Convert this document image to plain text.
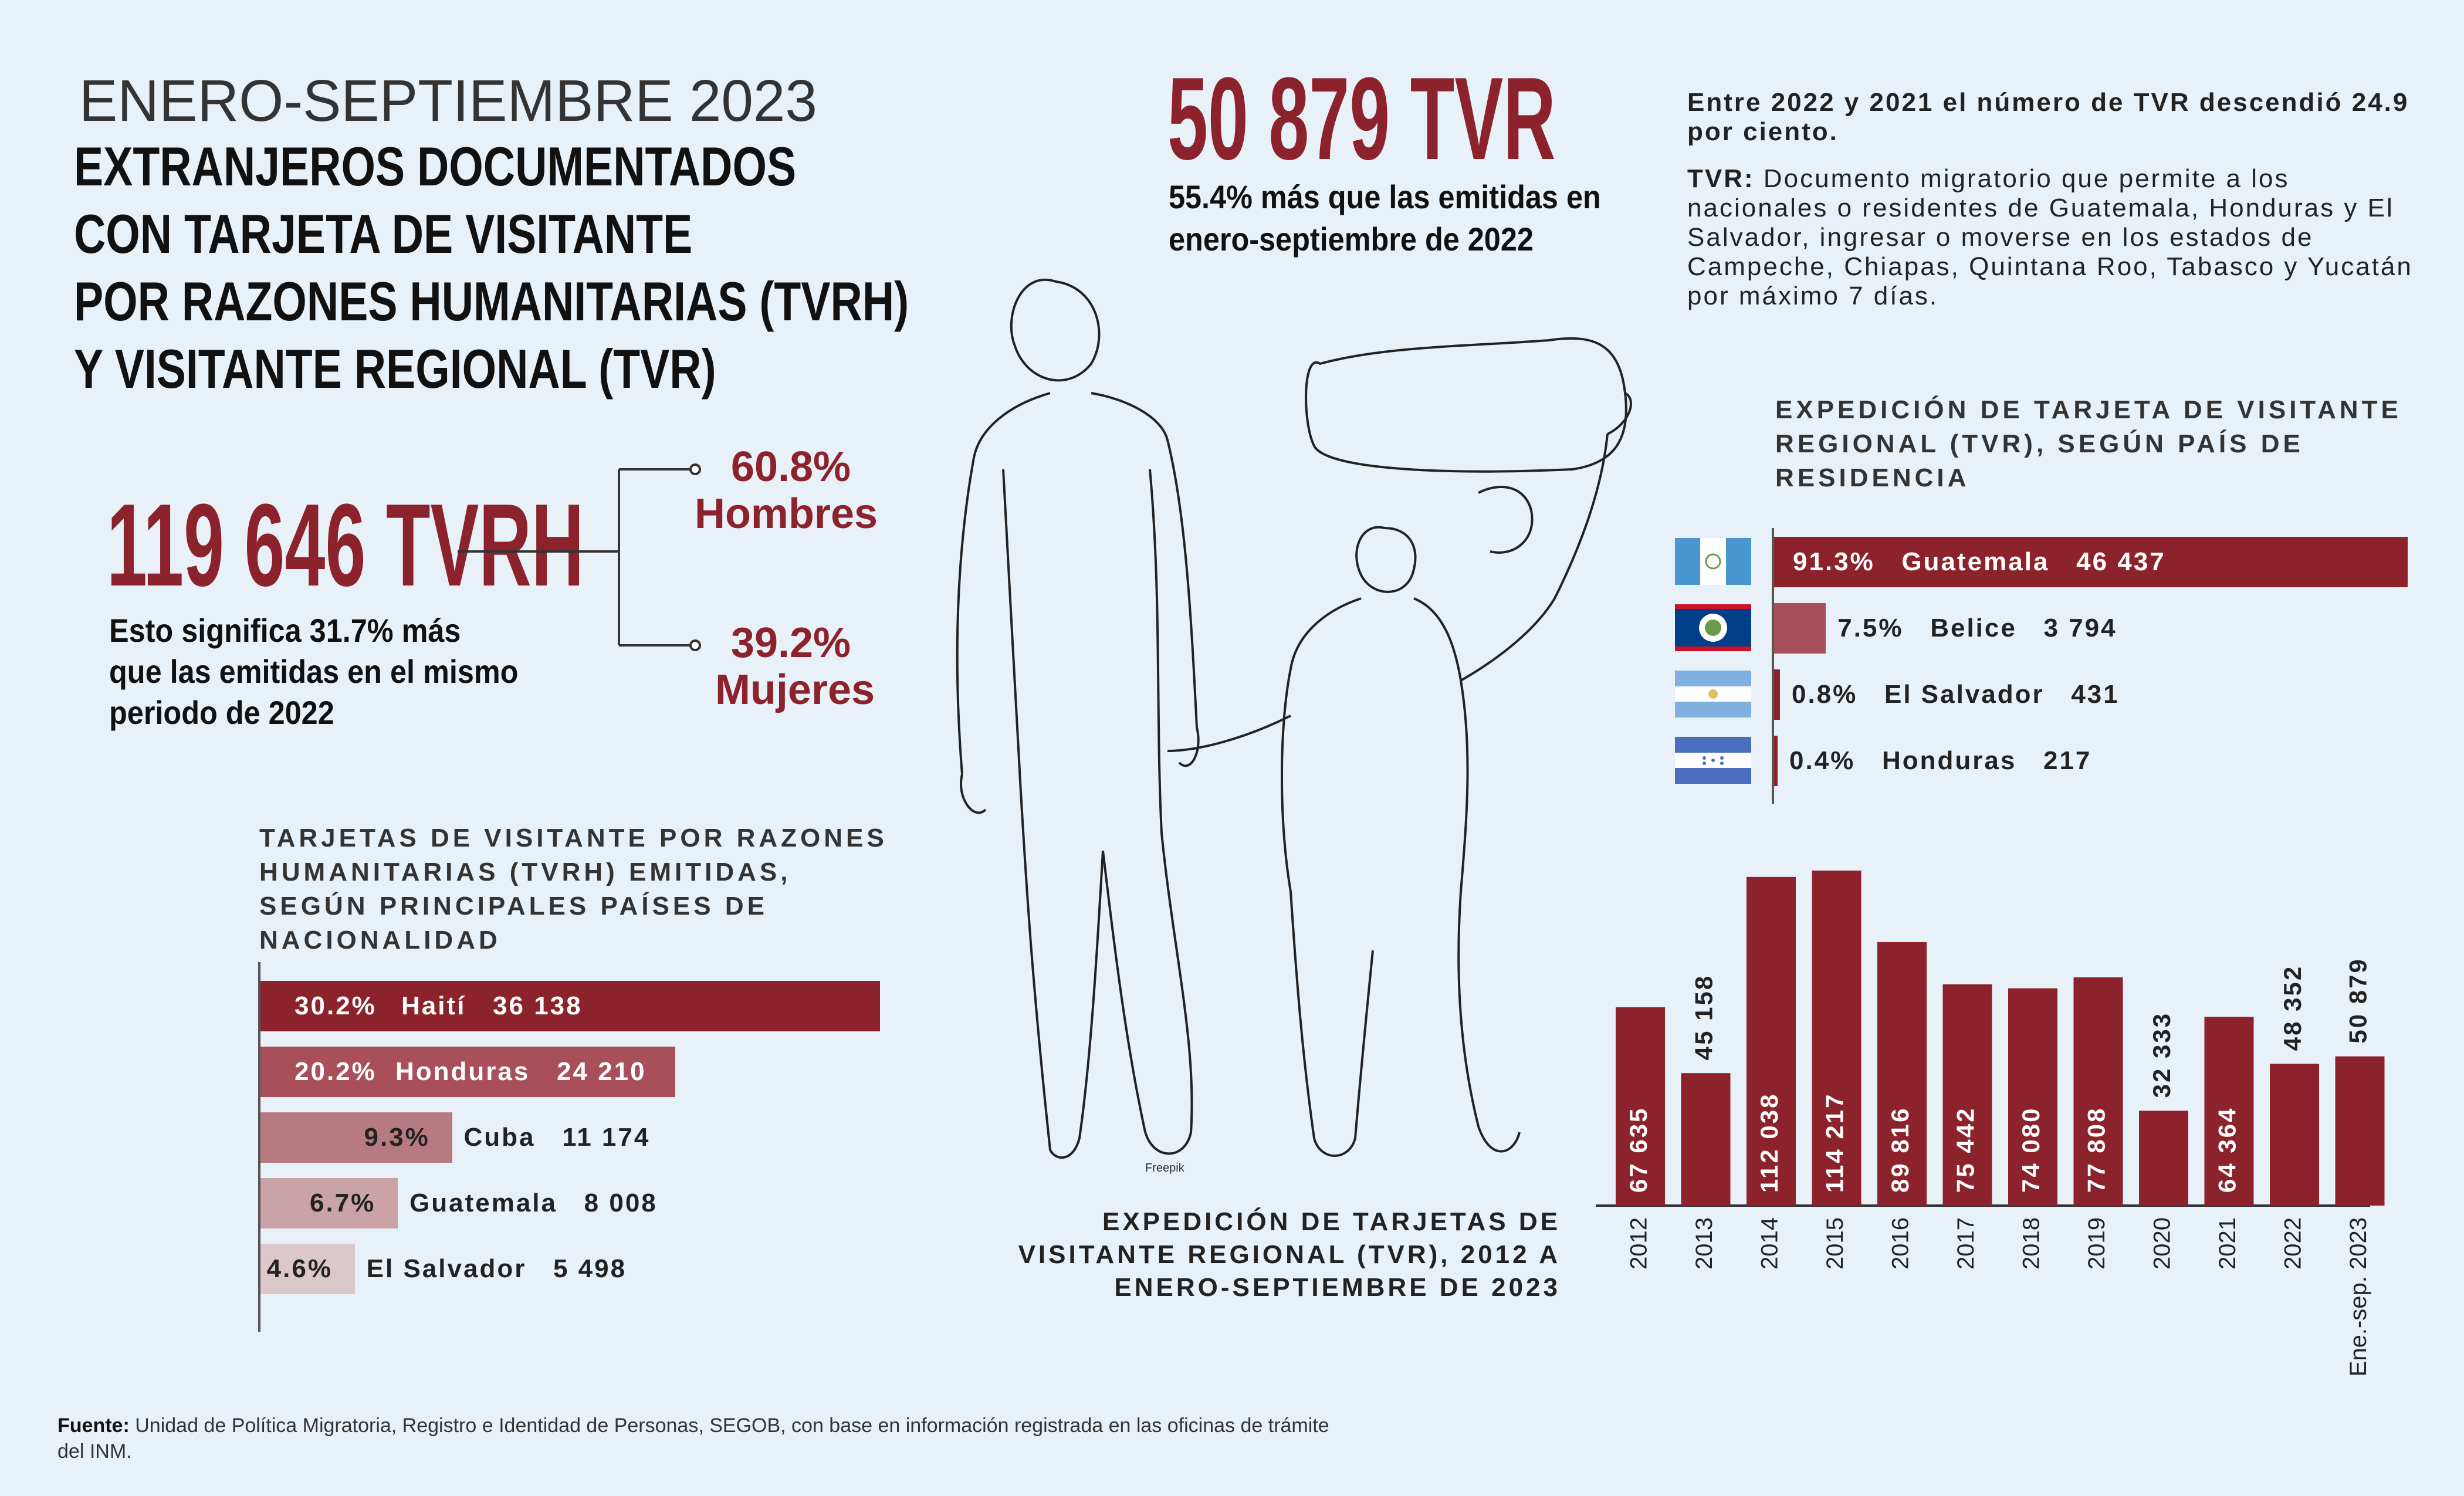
ENERO-SEPTIEMBRE 2023
EXTRANJEROS DOCUMENTADOS
CON TARJETA DE VISITANTE
POR RAZONES HUMANITARIAS (TVRH)
Y VISITANTE REGIONAL (TVR)
119 646 TVRH
Esto significa 31.7% más que las emitidas en el mismo periodo de 2022
60.8%
Hombres
39.2%
Mujeres
50 879 TVR
55.4% más que las emitidas en enero-septiembre de 2022
Entre 2022 y 2021 el número de TVR descendió 24.9 por ciento.
TVR: Documento migratorio que permite a los nacionales o residentes de Guatemala, Honduras y El Salvador, ingresar o moverse en los estados de Campeche, Chiapas, Quintana Roo, Tabasco y Yucatán por máximo 7 días.
Freepik
TARJETAS DE VISITANTE POR RAZONES HUMANITARIAS (TVRH) EMITIDAS, SEGÚN PRINCIPALES PAÍSES DE NACIONALIDAD
30.2% Haití   36 138
20.2% Honduras   24 210
9.3% Cuba   11 174
6.7% Guatemala   8 008
4.6% El Salvador   5 498
EXPEDICIÓN DE TARJETA DE VISITANTE REGIONAL (TVR), SEGÚN PAÍS DE RESIDENCIA
91.3%   Guatemala   46 437
7.5%   Belice   3 794
0.8%   El Salvador   431
0.4%   Honduras   217
67 635
2012
45 158
2013
112 038
2014
114 217
2015
89 816
2016
75 442
2017
74 080
2018
77 808
2019
32 333
2020
64 364
2021
48 352
2022
50 879
Ene.-sep. 2023
EXPEDICIÓN DE TARJETAS DE VISITANTE REGIONAL (TVR), 2012 A ENERO-SEPTIEMBRE DE 2023
Fuente: Unidad de Política Migratoria, Registro e Identidad de Personas, SEGOB, con base en información registrada en las oficinas de trámite del INM.
